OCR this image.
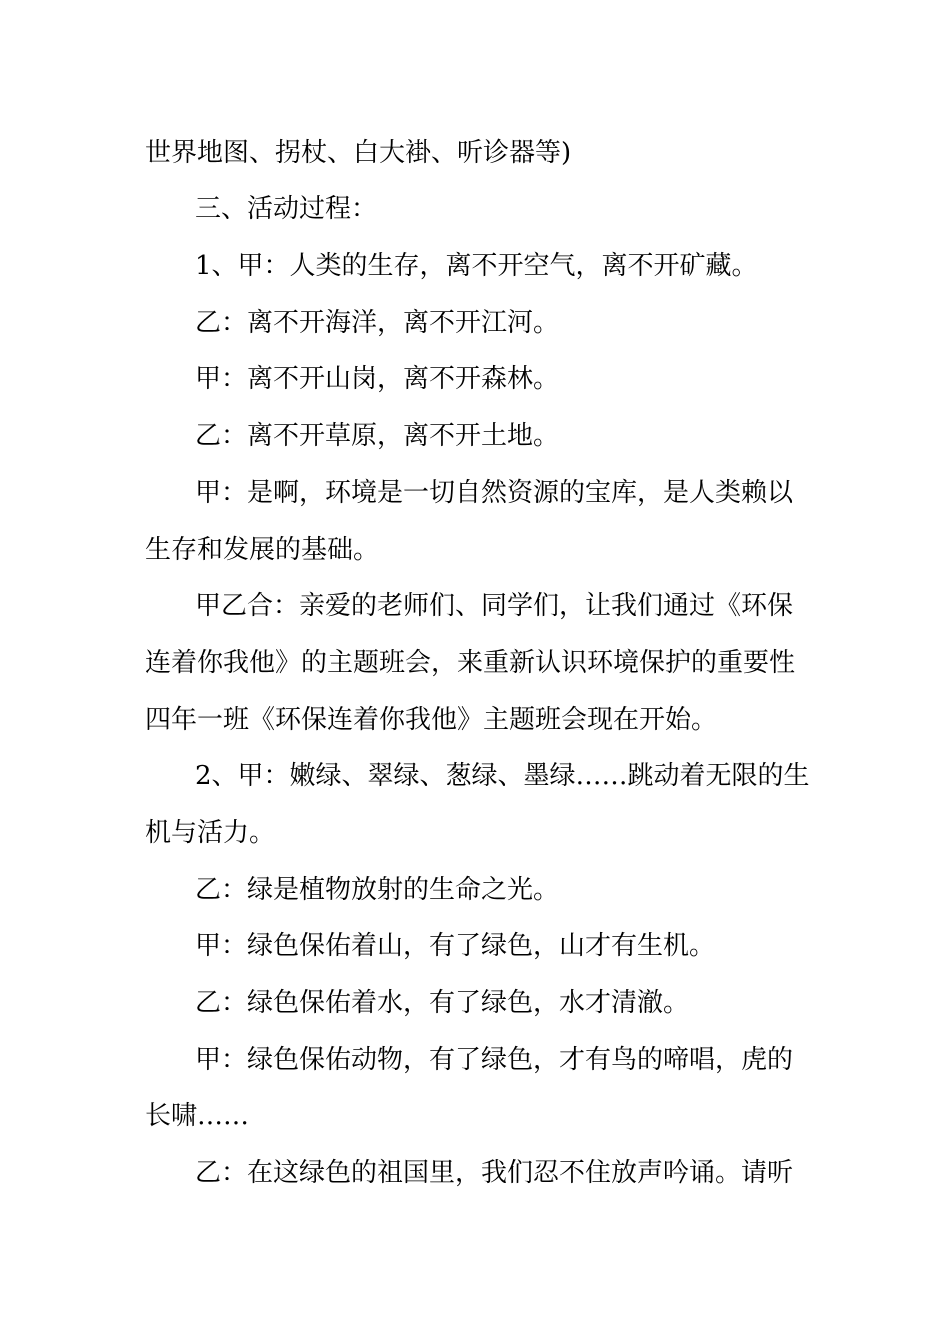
世界地图、拐杖、白大褂、听诊器等)
三、活动过程：
1、甲：人类的生存，离不开空气，离不开矿藏。
乙：离不开海洋，离不开江河。
甲：离不开山岗，离不开森林。
乙：离不开草原，离不开土地。
甲：是啊，环境是一切自然资源的宝库，是人类赖以
生存和发展的基础。
甲乙合：亲爱的老师们、同学们，让我们通过《环保
连着你我他》的主题班会，来重新认识环境保护的重要性
四年一班《环保连着你我他》主题班会现在开始。
2、甲：嫩绿、翠绿、葱绿、墨绿……跳动着无限的生
机与活力。
乙：绿是植物放射的生命之光。
甲：绿色保佑着山，有了绿色，山才有生机。
乙：绿色保佑着水，有了绿色，水才清澈。
甲：绿色保佑动物，有了绿色，才有鸟的啼唱，虎的
长啸……
乙：在这绿色的祖国里，我们忍不住放声吟诵。请听
